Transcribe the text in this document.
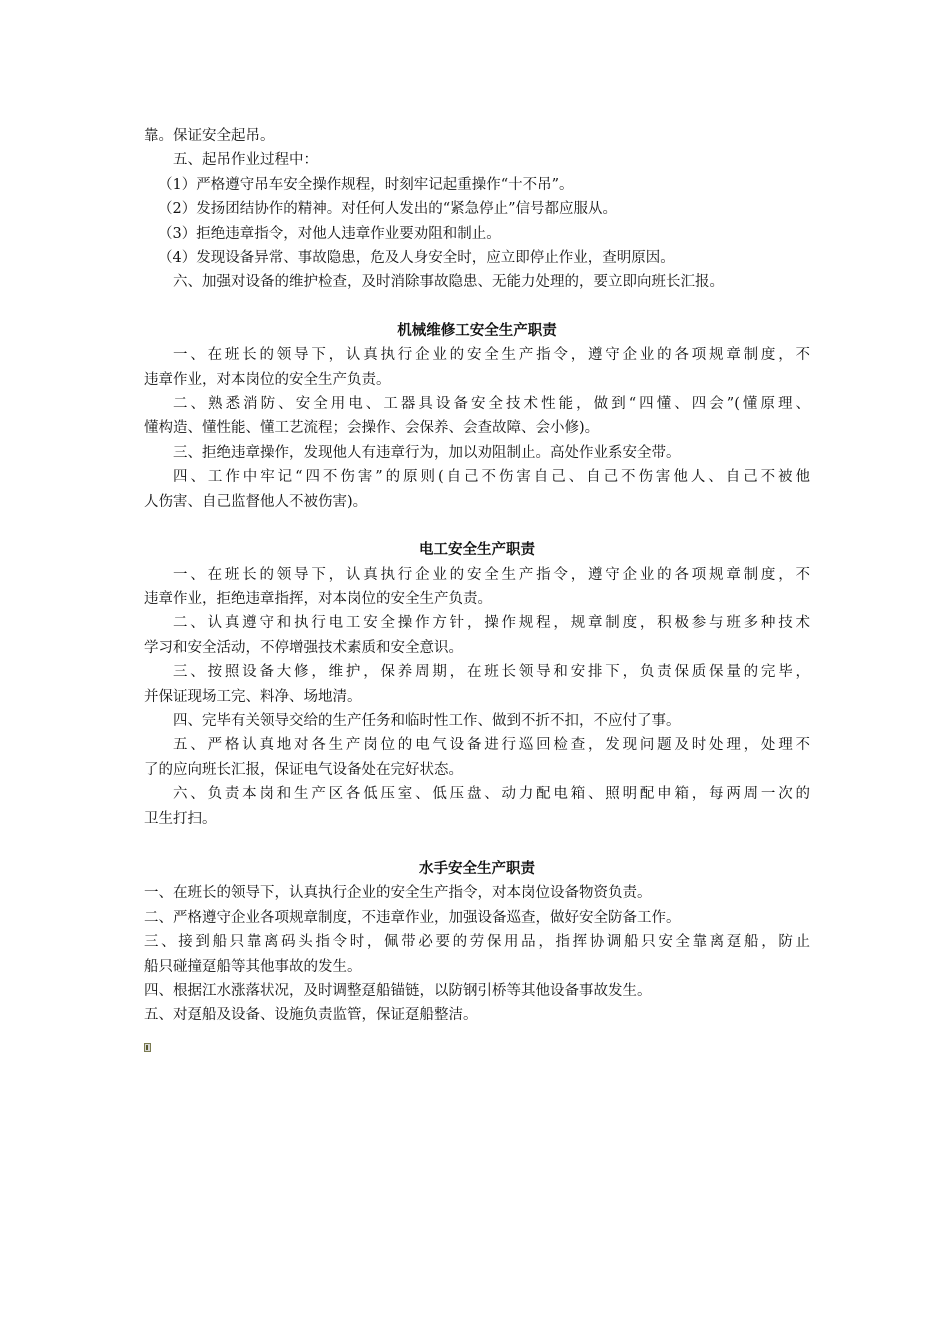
靠。保证安全起吊。
五、起吊作业过程中：
（1）严格遵守吊车安全操作规程，时刻牢记起重操作“十不吊”。
（2）发扬团结协作的精神。对任何人发出的“紧急停止”信号都应服从。
（3）拒绝违章指令，对他人违章作业要劝阻和制止。
（4）发现设备异常、事故隐患，危及人身安全时，应立即停止作业，查明原因。
六、加强对设备的维护检查，及时消除事故隐患、无能力处理的，要立即向班长汇报。
机械维修工安全生产职责
一、在班长的领导下，认真执行企业的安全生产指令，遵守企业的各项规章制度，不
违章作业，对本岗位的安全生产负责。
二、熟悉消防、安全用电、工器具设备安全技术性能，做到“四懂、四会”(懂原理、
懂构造、懂性能、懂工艺流程；会操作、会保养、会查故障、会小修)。
三、拒绝违章操作，发现他人有违章行为，加以劝阻制止。高处作业系安全带。
四、工作中牢记“四不伤害”的原则(自己不伤害自己、自己不伤害他人、自己不被他
人伤害、自己监督他人不被伤害)。
电工安全生产职责
一、在班长的领导下，认真执行企业的安全生产指令，遵守企业的各项规章制度，不
违章作业，拒绝违章指挥，对本岗位的安全生产负责。
二、认真遵守和执行电工安全操作方针，操作规程，规章制度，积极参与班多种技术
学习和安全活动，不停增强技术素质和安全意识。
三、按照设备大修，维护，保养周期，在班长领导和安排下，负责保质保量的完毕，
并保证现场工完、料净、场地清。
四、完毕有关领导交给的生产任务和临时性工作、做到不折不扣，不应付了事。
五、严格认真地对各生产岗位的电气设备进行巡回检查，发现问题及时处理，处理不
了的应向班长汇报，保证电气设备处在完好状态。
六、负责本岗和生产区各低压室、低压盘、动力配电箱、照明配申箱，每两周一次的
卫生打扫。
水手安全生产职责
一、在班长的领导下，认真执行企业的安全生产指令，对本岗位设备物资负责。
二、严格遵守企业各项规章制度，不违章作业，加强设备巡查，做好安全防备工作。
三、接到船只靠离码头指令时，佩带必要的劳保用品，指挥协调船只安全靠离趸船，防止
船只碰撞趸船等其他事故的发生。
四、根据江水涨落状况，及时调整趸船锚链，以防钢引桥等其他设备事故发生。
五、对趸船及设备、设施负责监管，保证趸船整洁。
